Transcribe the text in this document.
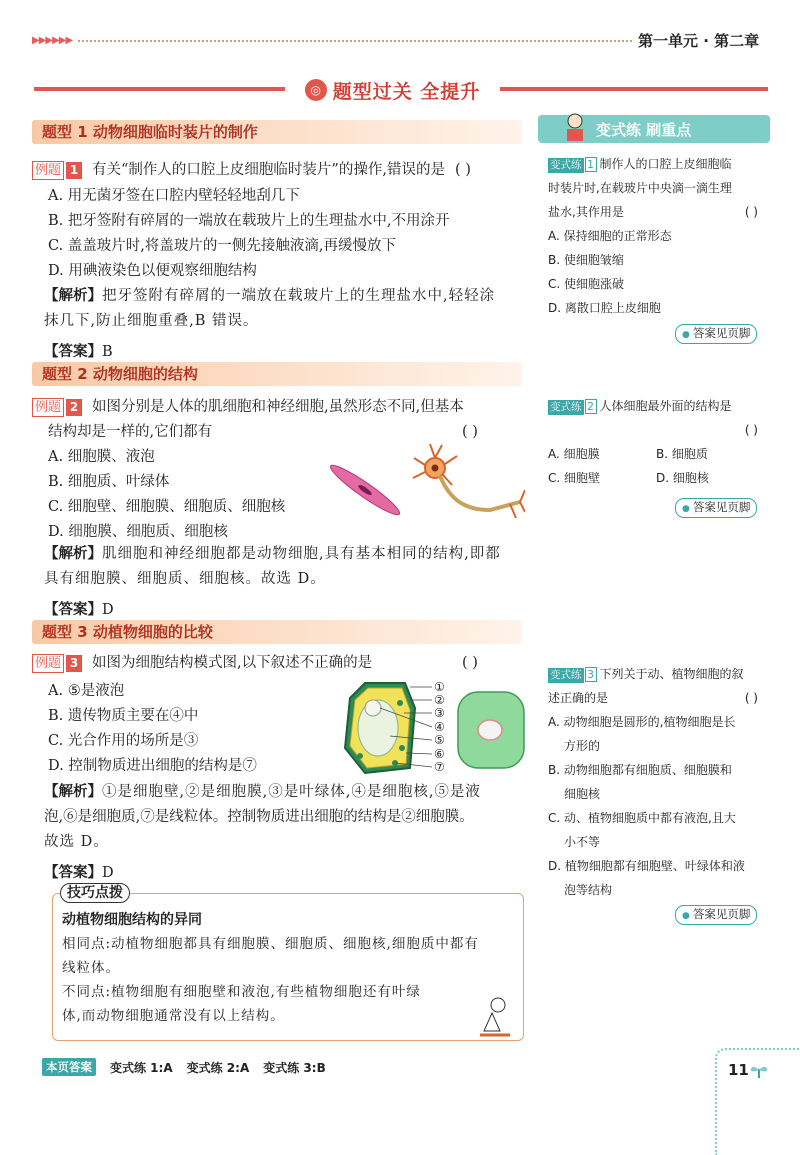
▶▶▶▶▶▶	第一单元 · 第二章
◎ 题型过关 全提升
题型 1 动物细胞临时装片的制作
例题 1 有关“制作人的口腔上皮细胞临时装片”的操作,错误的是 ( )
A. 用无菌牙签在口腔内壁轻轻地刮几下
B. 把牙签附有碎屑的一端放在载玻片上的生理盐水中,不用涂开
C. 盖盖玻片时,将盖玻片的一侧先接触液滴,再缓慢放下
D. 用碘液染色以便观察细胞结构
【解析】把牙签附有碎屑的一端放在载玻片上的生理盐水中,轻轻涂
抹几下,防止细胞重叠,B 错误。
【答案】B
题型 2 动物细胞的结构
例题 2 如图分别是人体的肌细胞和神经细胞,虽然形态不同,但基本
结构却是一样的,它们都有	( )
A. 细胞膜、液泡
B. 细胞质、叶绿体
C. 细胞壁、细胞膜、细胞质、细胞核
D. 细胞膜、细胞质、细胞核
【解析】肌细胞和神经细胞都是动物细胞,具有基本相同的结构,即都
具有细胞膜、细胞质、细胞核。故选 D。
【答案】D
题型 3 动植物细胞的比较
例题 3 如图为细胞结构模式图,以下叙述不正确的是	( )
A. ⑤是液泡
B. 遗传物质主要在④中
C. 光合作用的场所是③
D. 控制物质进出细胞的结构是⑦
①
②
③
④
⑤
⑥
⑦
【解析】①是细胞壁,②是细胞膜,③是叶绿体,④是细胞核,⑤是液
泡,⑥是细胞质,⑦是线粒体。控制物质进出细胞的结构是②细胞膜。
故选 D。
【答案】D
技巧点拨
动植物细胞结构的异同
相同点:动植物细胞都具有细胞膜、细胞质、细胞核,细胞质中都有
线粒体。
不同点:植物细胞有细胞壁和液泡,有些植物细胞还有叶绿
体,而动物细胞通常没有以上结构。
本页答案	变式练 1:A 变式练 2:A 变式练 3:B
变式练 刷重点
变式练 1 制作人的口腔上皮细胞临
时装片时,在载玻片中央滴一滴生理
盐水,其作用是	( )
A. 保持细胞的正常形态
B. 使细胞皱缩
C. 使细胞涨破
D. 离散口腔上皮细胞
● 答案见页脚
变式练 2 人体细胞最外面的结构是
( )
A. 细胞膜	B. 细胞质
C. 细胞壁	D. 细胞核
● 答案见页脚
变式练 3 下列关于动、植物细胞的叙
述正确的是	( )
A. 动物细胞是圆形的,植物细胞是长
方形的
B. 动物细胞都有细胞质、细胞膜和
细胞核
C. 动、植物细胞质中都有液泡,且大
小不等
D. 植物细胞都有细胞壁、叶绿体和液
泡等结构
● 答案见页脚
11
